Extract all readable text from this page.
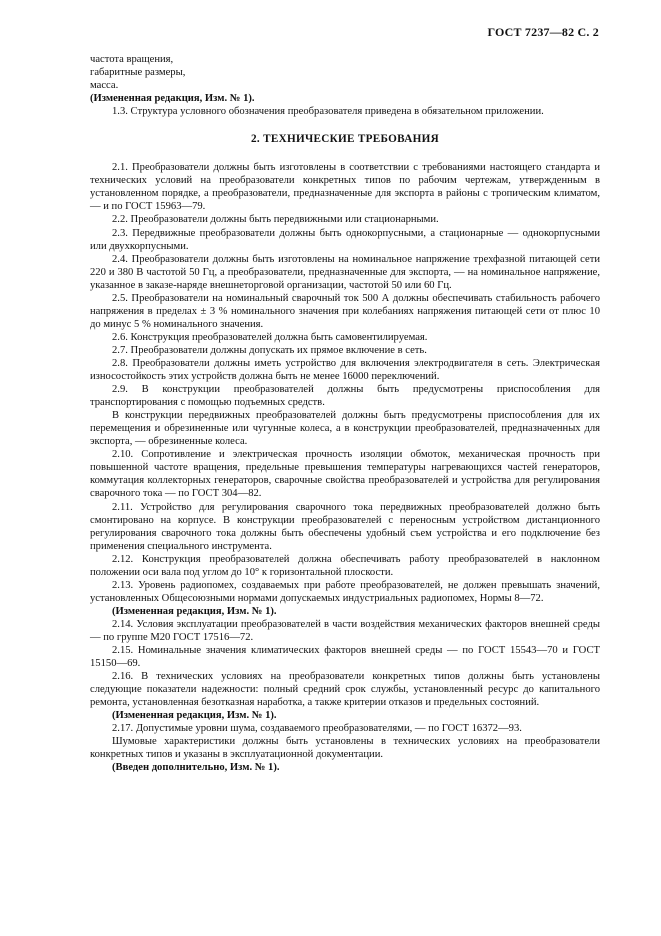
ГОСТ 7237—82 С. 2

частота вращения,

габаритные размеры,

масса.

(Измененная редакция, Изм. № 1).

1.3. Структура условного обозначения преобразователя приведена в обязательном приложении.

2. ТЕХНИЧЕСКИЕ ТРЕБОВАНИЯ

2.1. Преобразователи должны быть изготовлены в соответствии с требованиями настоящего стандарта и технических условий на преобразователи конкретных типов по рабочим чертежам, утвержденным в установленном порядке, а преобразователи, предназначенные для экспорта в районы с тропическим климатом, — и по ГОСТ 15963—79.

2.2. Преобразователи должны быть передвижными или стационарными.

2.3. Передвижные преобразователи должны быть однокорпусными, а стационарные — однокорпусными или двухкорпусными.

2.4. Преобразователи должны быть изготовлены на номинальное напряжение трехфазной питающей сети 220 и 380 В частотой 50 Гц, а преобразователи, предназначенные для экспорта, — на номинальное напряжение, указанное в заказе-наряде внешнеторговой организации, частотой 50 или 60 Гц.

2.5. Преобразователи на номинальный сварочный ток 500 А должны обеспечивать стабильность рабочего напряжения в пределах ± 3 % номинального значения при колебаниях напряжения питающей сети от плюс 10 до минус 5 % номинального значения.

2.6. Конструкция преобразователей должна быть самовентилируемая.

2.7. Преобразователи должны допускать их прямое включение в сеть.

2.8. Преобразователи должны иметь устройство для включения электродвигателя в сеть. Электрическая износостойкость этих устройств должна быть не менее 16000 переключений.

2.9. В конструкции преобразователей должны быть предусмотрены приспособления для транспортирования с помощью подъемных средств.

В конструкции передвижных преобразователей должны быть предусмотрены приспособления для их перемещения и обрезиненные или чугунные колеса, а в конструкции преобразователей, предназначенных для экспорта, — обрезиненные колеса.

2.10. Сопротивление и электрическая прочность изоляции обмоток, механическая прочность при повышенной частоте вращения, предельные превышения температуры нагревающихся частей генераторов, коммутация коллекторных генераторов, сварочные свойства преобразователей и устройства для регулирования сварочного тока — по ГОСТ 304—82.

2.11. Устройство для регулирования сварочного тока передвижных преобразователей должно быть смонтировано на корпусе. В конструкции преобразователей с переносным устройством дистанционного регулирования сварочного тока должны быть обеспечены удобный съем устройства и его подключение без применения специального инструмента.

2.12. Конструкция преобразователей должна обеспечивать работу преобразователей в наклонном положении оси вала под углом до 10° к горизонтальной плоскости.

2.13. Уровень радиопомех, создаваемых при работе преобразователей, не должен превышать значений, установленных Общесоюзными нормами допускаемых индустриальных радиопомех, Нормы 8—72.

(Измененная редакция, Изм. № 1).

2.14. Условия эксплуатации преобразователей в части воздействия механических факторов внешней среды — по группе М20 ГОСТ 17516—72.

2.15. Номинальные значения климатических факторов внешней среды — по ГОСТ 15543—70 и ГОСТ 15150—69.

2.16. В технических условиях на преобразователи конкретных типов должны быть установлены следующие показатели надежности: полный средний срок службы, установленный ресурс до капитального ремонта, установленная безотказная наработка, а также критерии отказов и предельных состояний.

(Измененная редакция, Изм. № 1).

2.17. Допустимые уровни шума, создаваемого преобразователями, — по ГОСТ 16372—93.

Шумовые характеристики должны быть установлены в технических условиях на преобразователи конкретных типов и указаны в эксплуатационной документации.

(Введен дополнительно, Изм. № 1).
